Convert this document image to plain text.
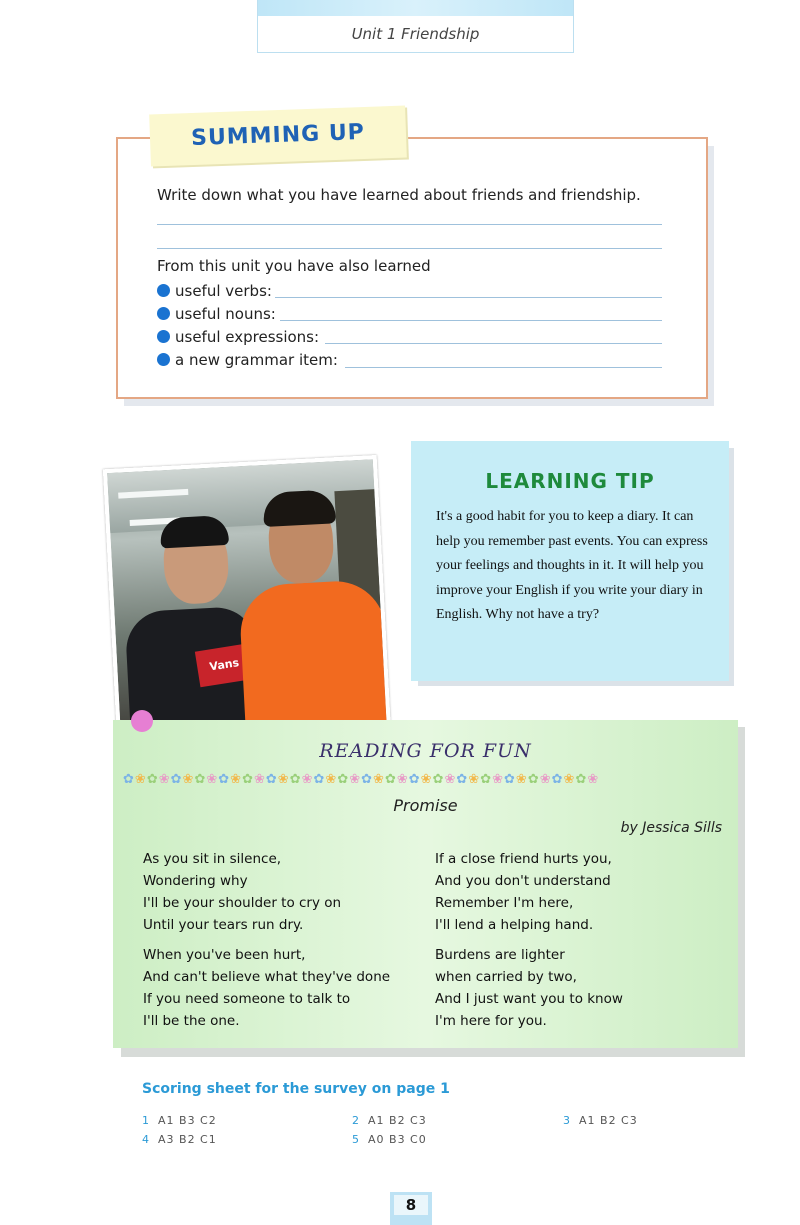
Unit 1 Friendship
SUMMING UP
Write down what you have learned about friends and friendship.
From this unit you have also learned
useful verbs:
useful nouns:
useful expressions:
a new grammar item:
Vans
LEARNING TIP
It's a good habit for you to keep a diary. It can help you remember past events. You can express your feelings and thoughts in it. It will help you improve your English if you write your diary in English. Why not have a try?
READING FOR FUN
✿❀✿❀✿❀✿❀✿❀✿❀✿❀✿❀✿❀✿❀✿❀✿❀✿❀✿❀✿❀✿❀✿❀✿❀✿❀✿❀
Promise
by Jessica Sills
As you sit in silence,
Wondering why
I'll be your shoulder to cry on
Until your tears run dry.
When you've been hurt,
And can't believe what they've done
If you need someone to talk to
I'll be the one.
If a close friend hurts you,
And you don't understand
Remember I'm here,
I'll lend a helping hand.
Burdens are lighter
when carried by two,
And I just want you to know
I'm here for you.
Scoring sheet for the survey on page 1
1 A1 B3 C2	2 A1 B2 C3	3 A1 B2 C3
4 A3 B2 C1	5 A0 B3 C0
8
